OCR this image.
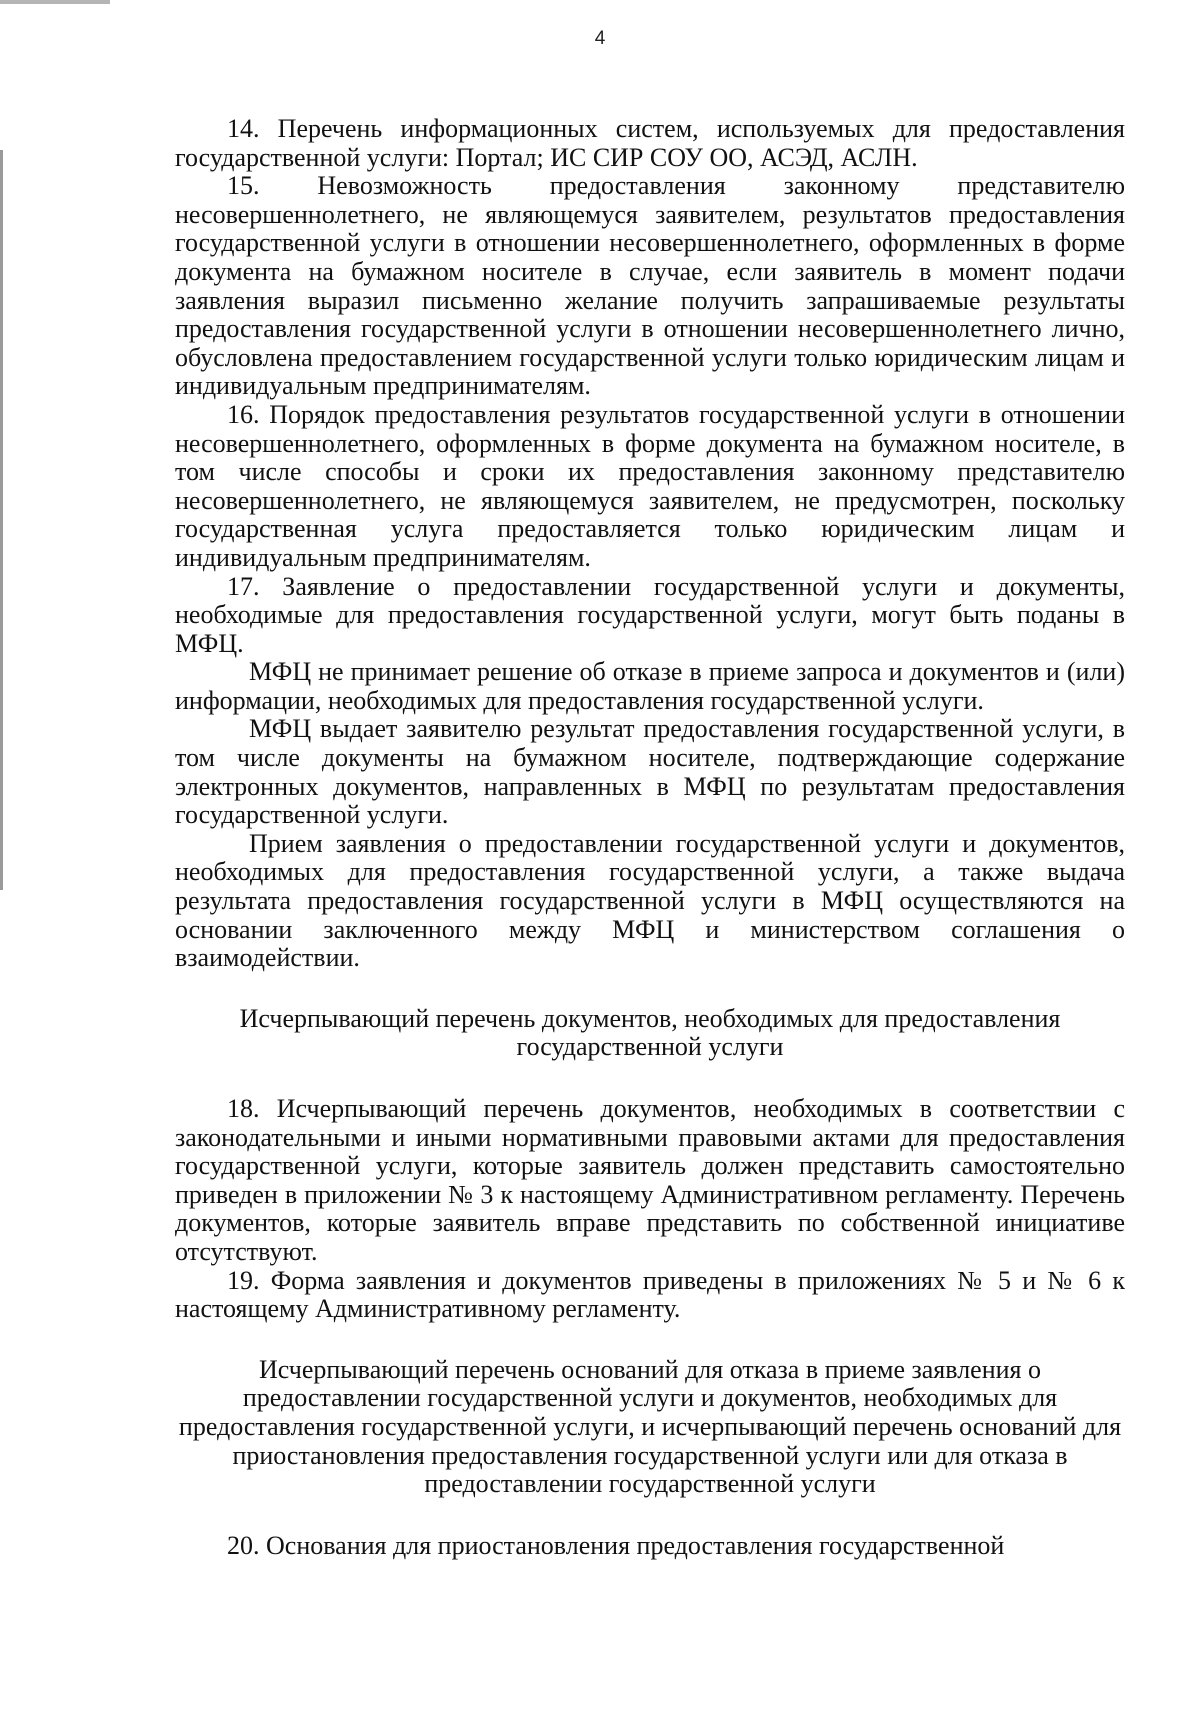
4

14. Перечень информационных систем, используемых для предоставления государственной услуги: Портал; ИС СИР СОУ ОО, АСЭД, АСЛН.

15. Невозможность предоставления законному представителю несовершеннолетнего, не являющемуся заявителем, результатов предоставления государственной услуги в отношении несовершеннолетнего, оформленных в форме документа на бумажном носителе в случае, если заявитель в момент подачи заявления выразил письменно желание получить запрашиваемые результаты предоставления государственной услуги в отношении несовершеннолетнего лично, обусловлена предоставлением государственной услуги только юридическим лицам и индивидуальным предпринимателям.

16. Порядок предоставления результатов государственной услуги в отношении несовершеннолетнего, оформленных в форме документа на бумажном носителе, в том числе способы и сроки их предоставления законному представителю несовершеннолетнего, не являющемуся заявителем, не предусмотрен, поскольку государственная услуга предоставляется только юридическим лицам и индивидуальным предпринимателям.

17. Заявление о предоставлении государственной услуги и документы, необходимые для предоставления государственной услуги, могут быть поданы в МФЦ.

МФЦ не принимает решение об отказе в приеме запроса и документов и (или) информации, необходимых для предоставления государственной услуги.

МФЦ выдает заявителю результат предоставления государственной услуги, в том числе документы на бумажном носителе, подтверждающие содержание электронных документов, направленных в МФЦ по результатам предоставления государственной услуги.

Прием заявления о предоставлении государственной услуги и документов, необходимых для предоставления государственной услуги, а также выдача результата предоставления государственной услуги в МФЦ осуществляются на основании заключенного между МФЦ и министерством соглашения о взаимодействии.

Исчерпывающий перечень документов, необходимых для предоставления государственной услуги

18. Исчерпывающий перечень документов, необходимых в соответствии с законодательными и иными нормативными правовыми актами для предоставления государственной услуги, которые заявитель должен представить самостоятельно приведен в приложении № 3 к настоящему Административном регламенту. Перечень документов, которые заявитель вправе представить по собственной инициативе отсутствуют.

19. Форма заявления и документов приведены в приложениях № 5 и № 6 к настоящему Административному регламенту.

Исчерпывающий перечень оснований для отказа в приеме заявления о предоставлении государственной услуги и документов, необходимых для предоставления государственной услуги, и исчерпывающий перечень оснований для приостановления предоставления государственной услуги или для отказа в предоставлении государственной услуги

20. Основания для приостановления предоставления государственной
